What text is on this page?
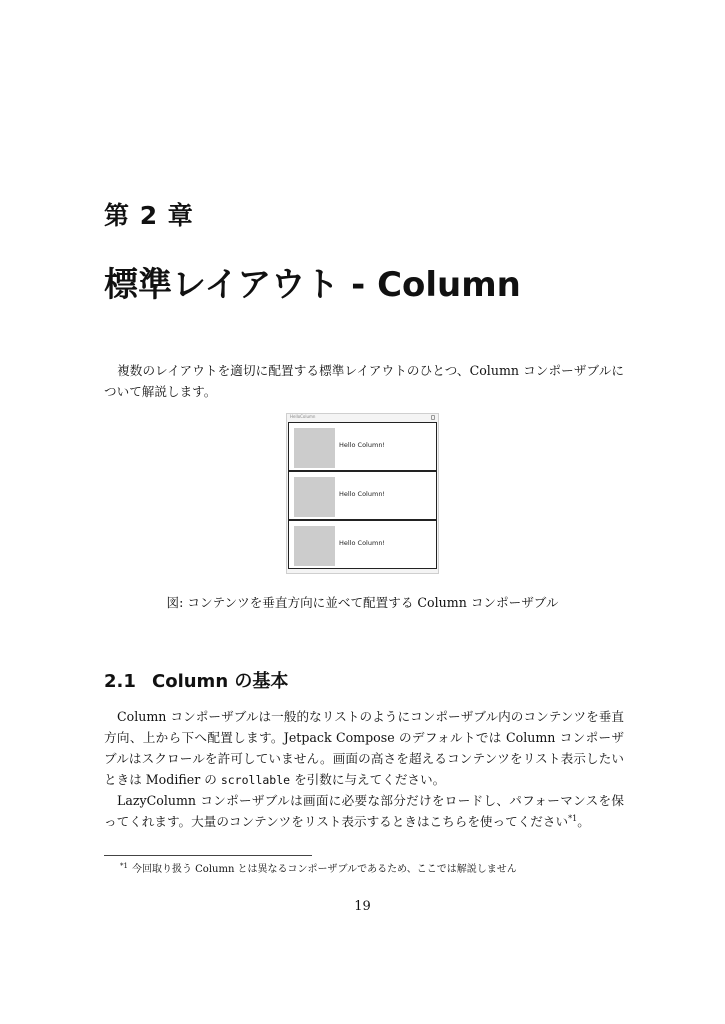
第 2 章
標準レイアウト - Column

複数のレイアウトを適切に配置する標準レイアウトのひとつ、Column コンポーザブルについて解説します。

HelloColumn
Hello Column!
Hello Column!
Hello Column!
図: コンテンツを垂直方向に並べて配置する Column コンポーザブル
2.1 Column の基本

Column コンポーザブルは一般的なリストのようにコンポーザブル内のコンテンツを垂直方向、上から下へ配置します。Jetpack Compose のデフォルトでは Column コンポーザブルはスクロールを許可していません。画面の高さを超えるコンテンツをリスト表示したいときは Modifier の scrollable を引数に与えてください。

LazyColumn コンポーザブルは画面に必要な部分だけをロードし、パフォーマンスを保ってくれます。大量のコンテンツをリスト表示するときはこちらを使ってください$^{*1}$。

$^{*1}$ 今回取り扱う Column とは異なるコンポーザブルであるため、ここでは解説しません
19
